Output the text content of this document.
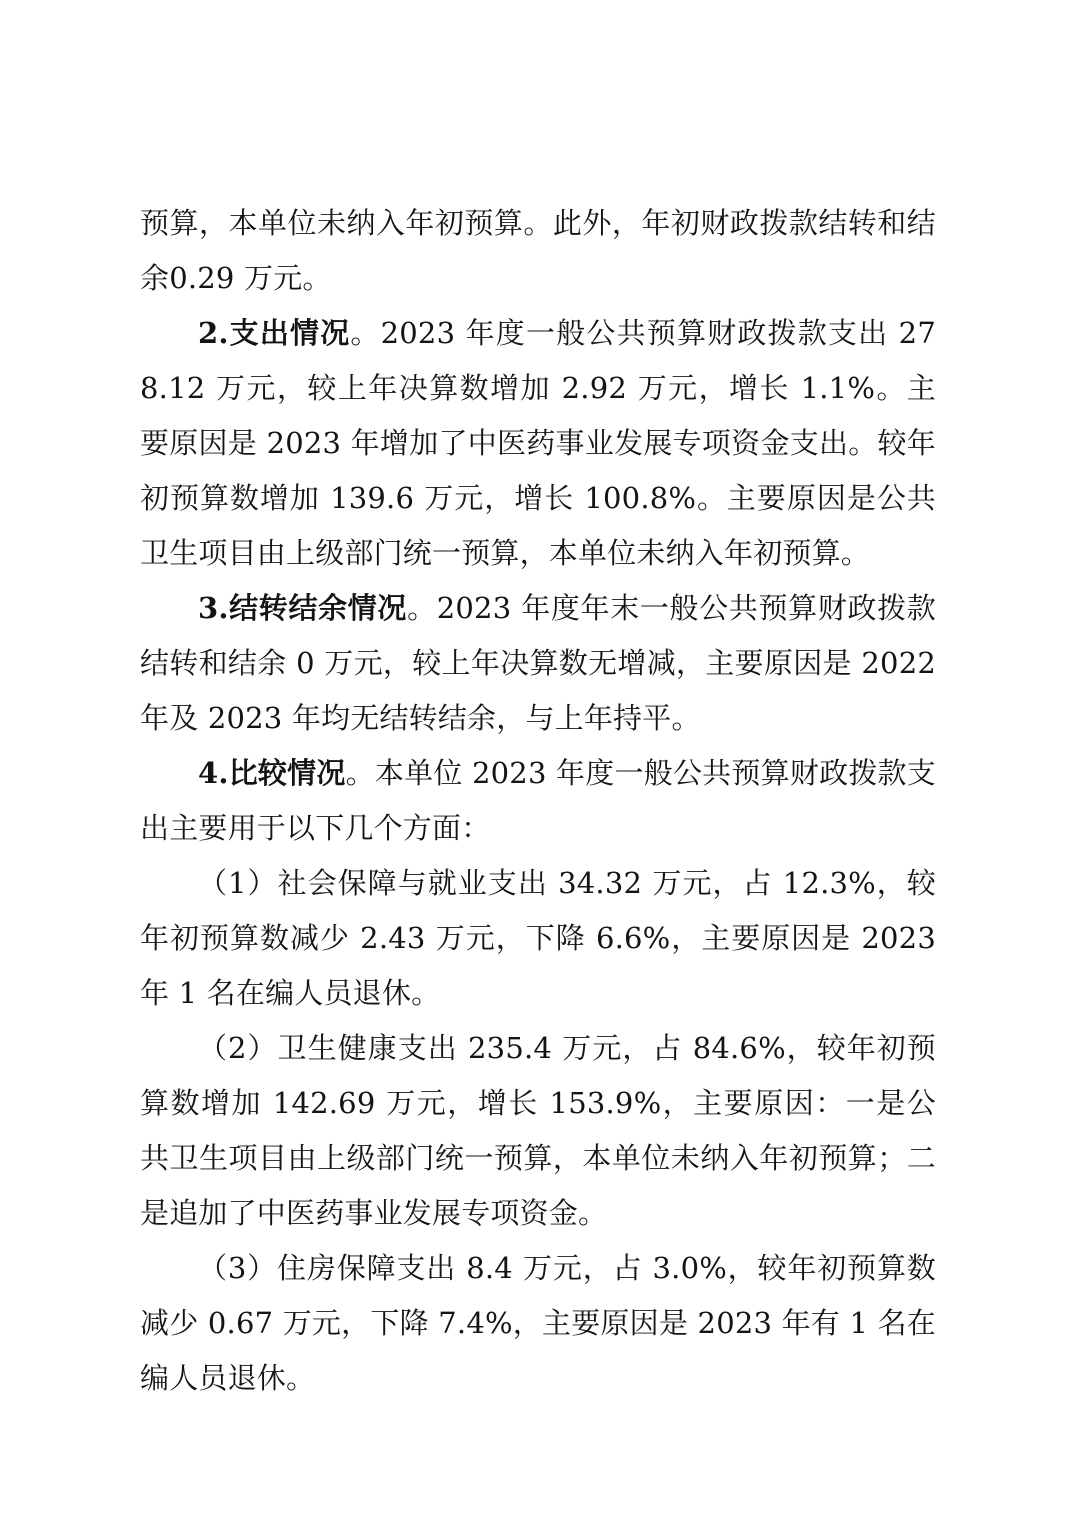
预算，本单位未纳入年初预算。此外，年初财政拨款结转和结余0.29 万元。

2.支出情况。2023 年度一般公共预算财政拨款支出 278.12 万元，较上年决算数增加 2.92 万元，增长 1.1%。主要原因是 2023 年增加了中医药事业发展专项资金支出。较年初预算数增加 139.6 万元，增长 100.8%。主要原因是公共卫生项目由上级部门统一预算，本单位未纳入年初预算。

3.结转结余情况。2023 年度年末一般公共预算财政拨款结转和结余 0 万元，较上年决算数无增减，主要原因是 2022 年及 2023 年均无结转结余，与上年持平。

4.比较情况。本单位 2023 年度一般公共预算财政拨款支出主要用于以下几个方面：

（1）社会保障与就业支出 34.32 万元，占 12.3%，较年初预算数减少 2.43 万元，下降 6.6%，主要原因是 2023 年 1 名在编人员退休。

（2）卫生健康支出 235.4 万元，占 84.6%，较年初预算数增加 142.69 万元，增长 153.9%，主要原因：一是公共卫生项目由上级部门统一预算，本单位未纳入年初预算；二是追加了中医药事业发展专项资金。

（3）住房保障支出 8.4 万元，占 3.0%，较年初预算数减少 0.67 万元，下降 7.4%，主要原因是 2023 年有 1 名在编人员退休。
